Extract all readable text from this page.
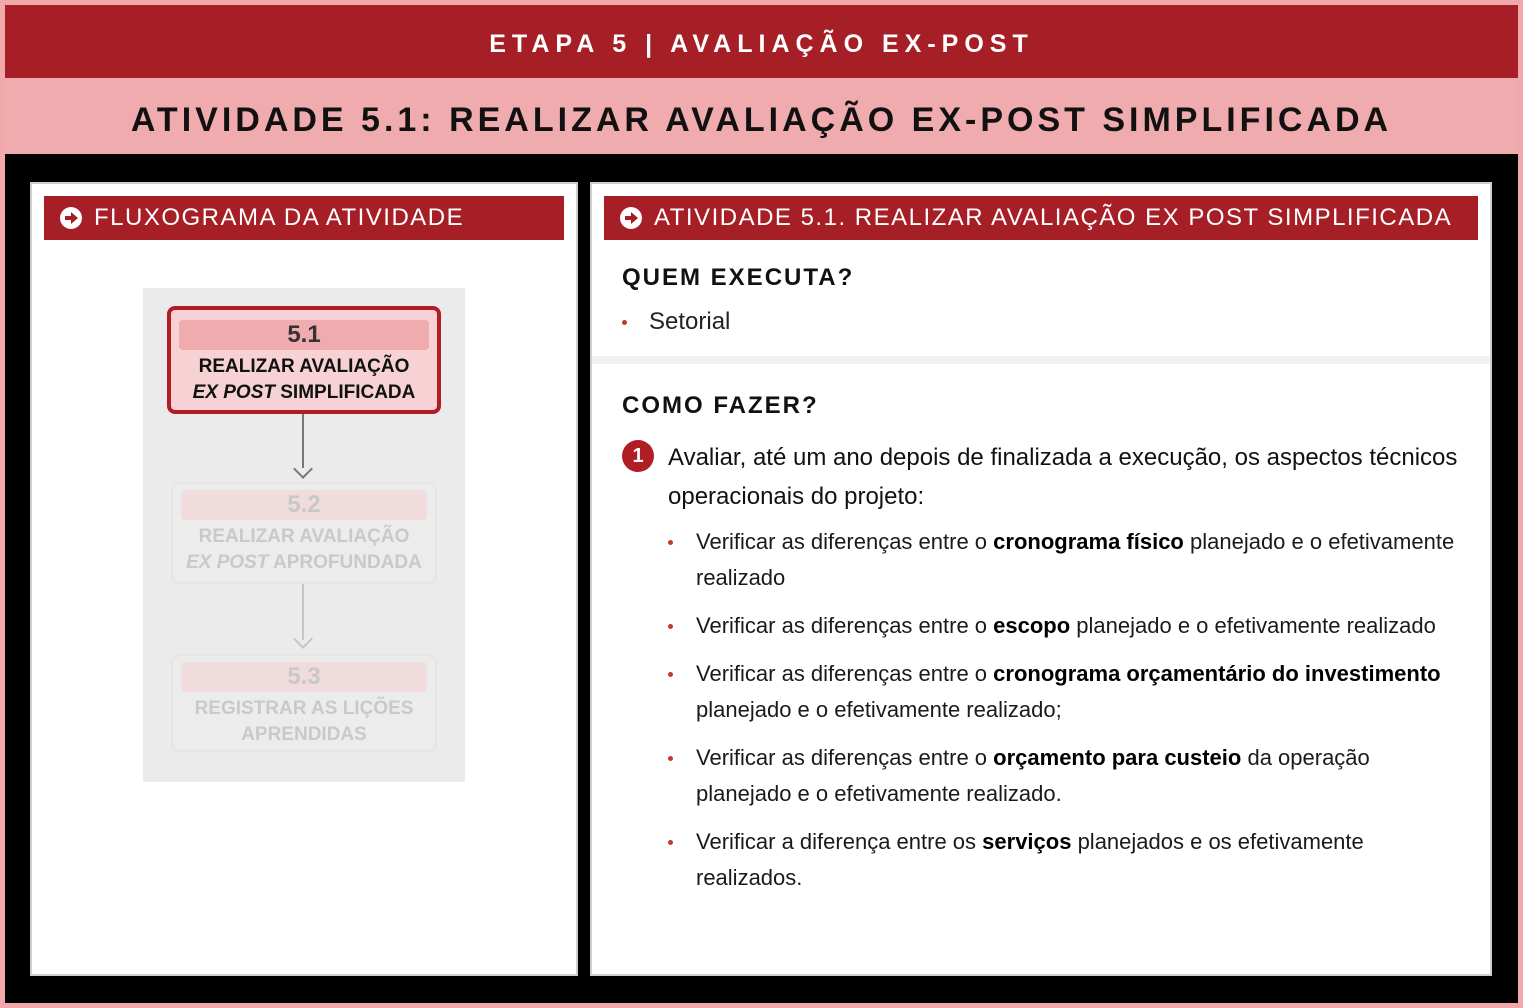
ETAPA 5 | AVALIAÇÃO EX-POST
ATIVIDADE 5.1: REALIZAR AVALIAÇÃO EX-POST SIMPLIFICADA
FLUXOGRAMA DA ATIVIDADE
5.1
REALIZAR AVALIAÇÃO
EX POST SIMPLIFICADA
5.2
REALIZAR AVALIAÇÃO
EX POST APROFUNDADA
5.3
REGISTRAR AS LIÇÕES
APRENDIDAS
ATIVIDADE 5.1. REALIZAR AVALIAÇÃO EX POST SIMPLIFICADA
QUEM EXECUTA?
Setorial
COMO FAZER?
1	Avaliar, até um ano depois de finalizada a execução, os aspectos técnicos operacionais do projeto:
Verificar as diferenças entre o cronograma físico planejado e o efetivamente realizado
Verificar as diferenças entre o escopo planejado e o efetivamente realizado
Verificar as diferenças entre o cronograma orçamentário do investimento planejado e o efetivamente realizado;
Verificar as diferenças entre o orçamento para custeio da operação planejado e o efetivamente realizado.
Verificar a diferença entre os serviços planejados e os efetivamente realizados.
